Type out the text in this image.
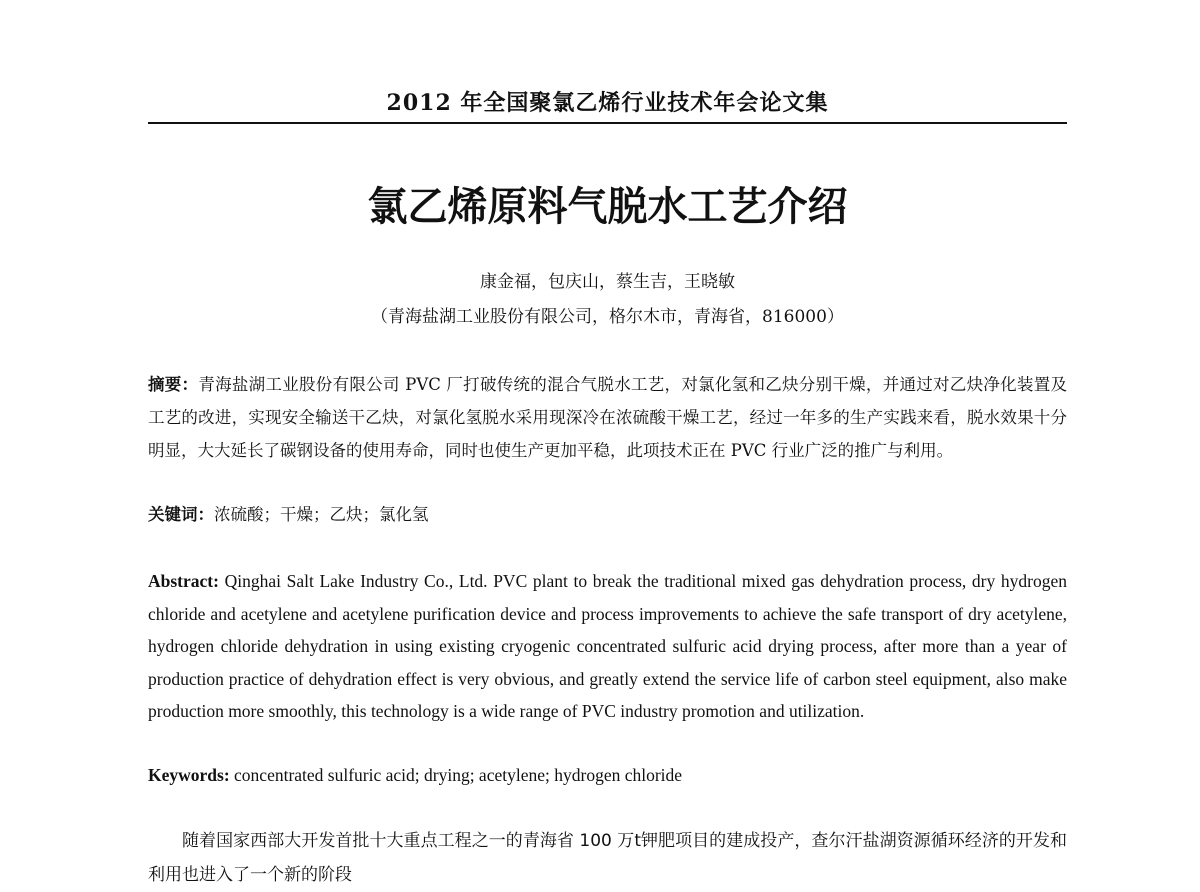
2012 年全国聚氯乙烯行业技术年会论文集
氯乙烯原料气脱水工艺介绍
康金福，包庆山，蔡生吉，王晓敏
（青海盐湖工业股份有限公司，格尔木市，青海省，816000）
摘要：青海盐湖工业股份有限公司 PVC 厂打破传统的混合气脱水工艺，对氯化氢和乙炔分别干燥，并通过对乙炔净化装置及工艺的改进，实现安全输送干乙炔，对氯化氢脱水采用现深冷在浓硫酸干燥工艺，经过一年多的生产实践来看，脱水效果十分明显，大大延长了碳钢设备的使用寿命，同时也使生产更加平稳，此项技术正在 PVC 行业广泛的推广与利用。
关键词：浓硫酸；干燥；乙炔；氯化氢
Abstract: Qinghai Salt Lake Industry Co., Ltd. PVC plant to break the traditional mixed gas dehydration process, dry hydrogen chloride and acetylene and acetylene purification device and process improvements to achieve the safe transport of dry acetylene, hydrogen chloride dehydration in using existing cryogenic concentrated sulfuric acid drying process, after more than a year of production practice of dehydration effect is very obvious, and greatly extend the service life of carbon steel equipment, also make production more smoothly, this technology is a wide range of PVC industry promotion and utilization.
Keywords: concentrated sulfuric acid; drying; acetylene; hydrogen chloride
随着国家西部大开发首批十大重点工程之一的青海省 100 万t钾肥项目的建成投产，查尔汗盐湖资源循环经济的开发和利用也进入了一个新的阶段
